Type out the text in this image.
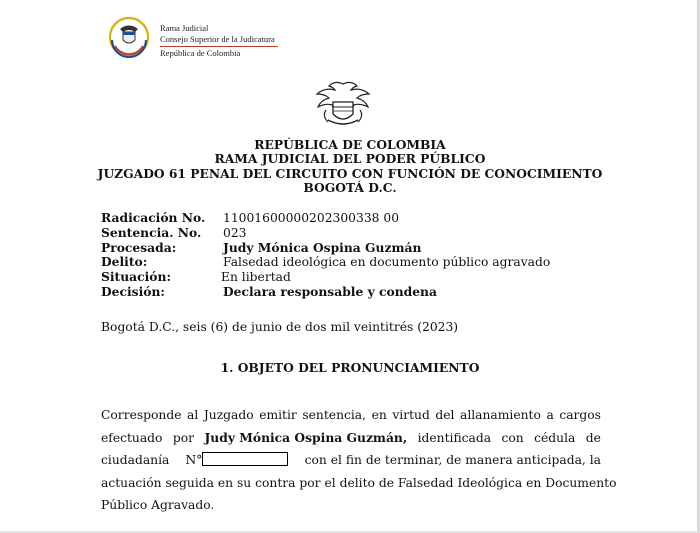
Rama Judicial
Consejo Superior de la Judicatura
República de Colombia
REPÚBLICA DE COLOMBIA
RAMA JUDICIAL DEL PODER PÚBLICO
JUZGADO 61 PENAL DEL CIRCUITO CON FUNCIÓN DE CONOCIMIENTO
BOGOTÁ D.C.
Radicación No. 11001600000202300338 00
Sentencia. No. 023
Procesada:	Judy Mónica Ospina Guzmán
Delito:	Falsedad ideológica en documento público agravado
Situación:	En libertad
Decisión:	Declara responsable y condena
Bogotá D.C., seis (6) de junio de dos mil veintitrés (2023)
1. OBJETO DEL PRONUNCIAMIENTO
Corresponde al Juzgado emitir sentencia, en virtud del allanamiento a cargos
efectuado por Judy Mónica Ospina Guzmán, identificada con cédula de
ciudadanía N°	con el fin de terminar, de manera anticipada, la
actuación seguida en su contra por el delito de Falsedad Ideológica en Documento
Público Agravado.
